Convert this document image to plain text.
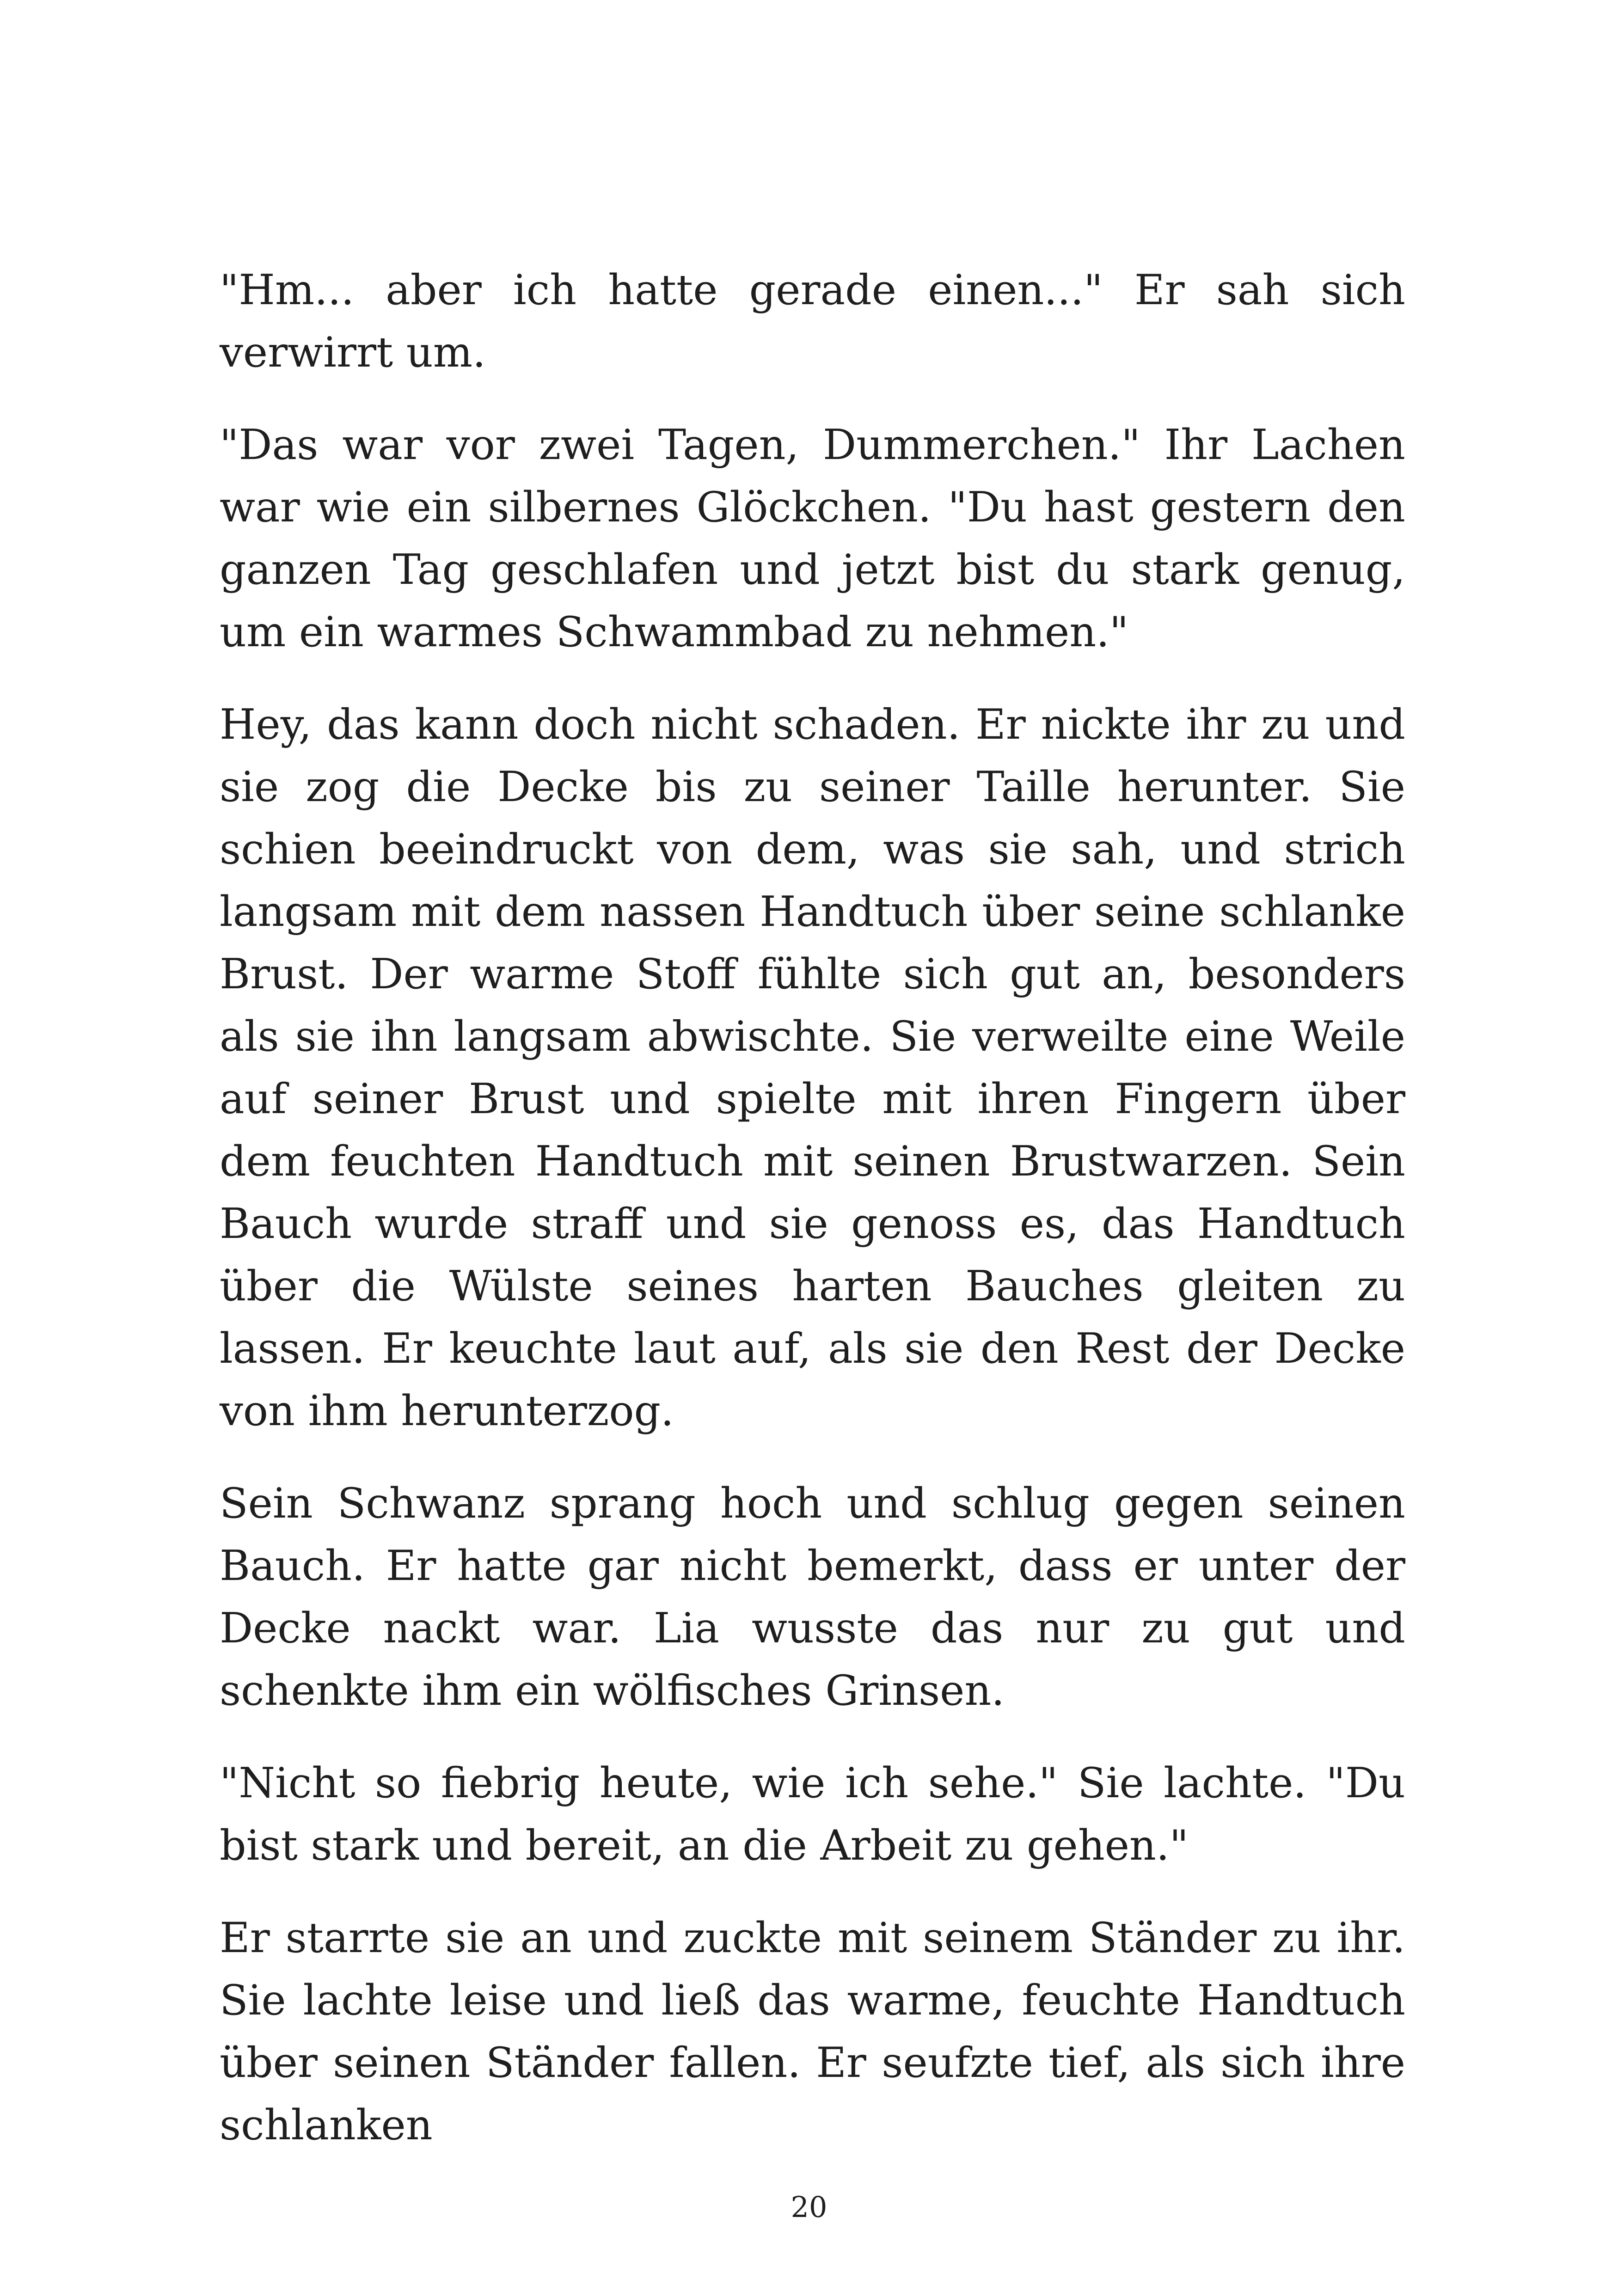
"Hm... aber ich hatte gerade einen..." Er sah sich verwirrt um.

"Das war vor zwei Tagen, Dummerchen." Ihr Lachen war wie ein silbernes Glöckchen. "Du hast gestern den ganzen Tag geschlafen und jetzt bist du stark genug, um ein warmes Schwammbad zu nehmen."

Hey, das kann doch nicht schaden. Er nickte ihr zu und sie zog die Decke bis zu seiner Taille herunter. Sie schien beeindruckt von dem, was sie sah, und strich langsam mit dem nassen Handtuch über seine schlanke Brust. Der warme Stoff fühlte sich gut an, besonders als sie ihn langsam abwischte. Sie verweilte eine Weile auf seiner Brust und spielte mit ihren Fingern über dem feuchten Handtuch mit seinen Brustwarzen. Sein Bauch wurde straff und sie genoss es, das Handtuch über die Wülste seines harten Bauches gleiten zu lassen. Er keuchte laut auf, als sie den Rest der Decke von ihm herunterzog.

Sein Schwanz sprang hoch und schlug gegen seinen Bauch. Er hatte gar nicht bemerkt, dass er unter der Decke nackt war. Lia wusste das nur zu gut und schenkte ihm ein wölfisches Grinsen.

"Nicht so fiebrig heute, wie ich sehe." Sie lachte. "Du bist stark und bereit, an die Arbeit zu gehen."

Er starrte sie an und zuckte mit seinem Ständer zu ihr. Sie lachte leise und ließ das warme, feuchte Handtuch über seinen Ständer fallen. Er seufzte tief, als sich ihre schlanken

20
